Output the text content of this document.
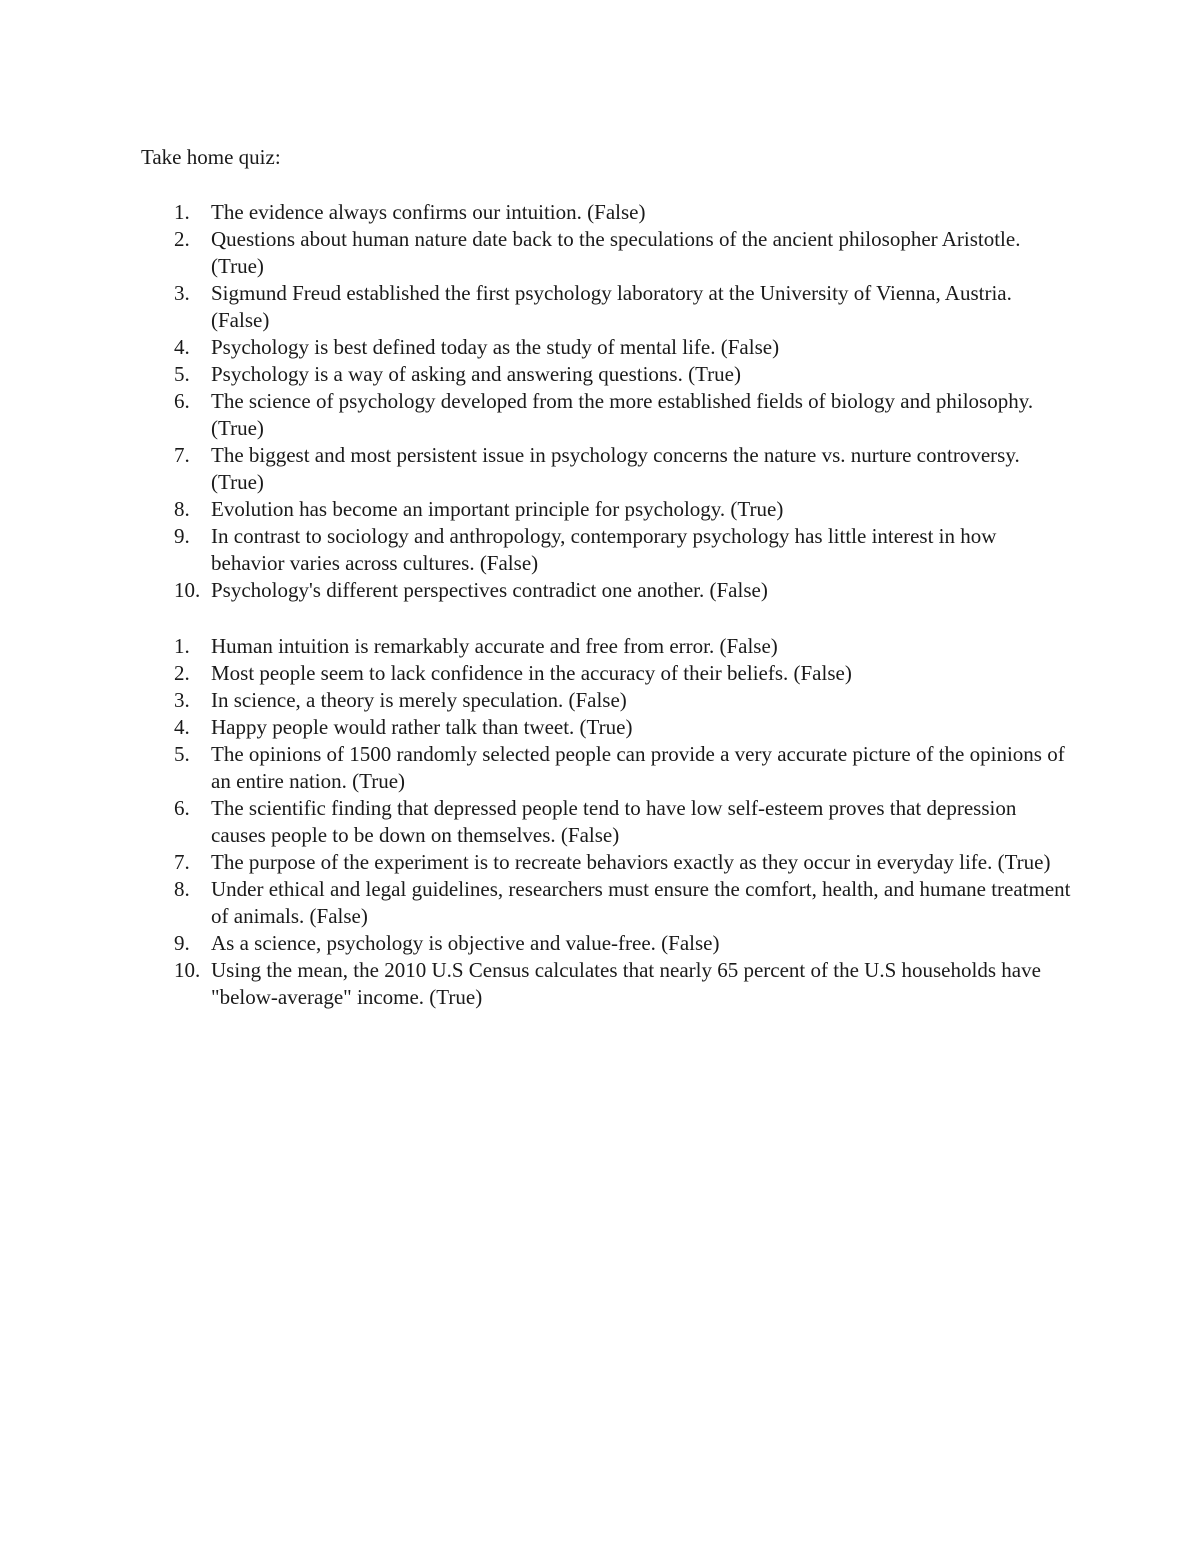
Take home quiz:
1. The evidence always confirms our intuition. (False)
2. Questions about human nature date back to the speculations of the ancient philosopher Aristotle. (True)
3. Sigmund Freud established the first psychology laboratory at the University of Vienna, Austria. (False)
4. Psychology is best defined today as the study of mental life. (False)
5. Psychology is a way of asking and answering questions. (True)
6. The science of psychology developed from the more established fields of biology and philosophy. (True)
7. The biggest and most persistent issue in psychology concerns the nature vs. nurture controversy. (True)
8. Evolution has become an important principle for psychology. (True)
9. In contrast to sociology and anthropology, contemporary psychology has little interest in how behavior varies across cultures. (False)
10. Psychology's different perspectives contradict one another. (False)
1. Human intuition is remarkably accurate and free from error. (False)
2. Most people seem to lack confidence in the accuracy of their beliefs. (False)
3. In science, a theory is merely speculation. (False)
4. Happy people would rather talk than tweet. (True)
5. The opinions of 1500 randomly selected people can provide a very accurate picture of the opinions of an entire nation. (True)
6. The scientific finding that depressed people tend to have low self-esteem proves that depression causes people to be down on themselves. (False)
7. The purpose of the experiment is to recreate behaviors exactly as they occur in everyday life. (True)
8. Under ethical and legal guidelines, researchers must ensure the comfort, health, and humane treatment of animals. (False)
9. As a science, psychology is objective and value-free. (False)
10. Using the mean, the 2010 U.S Census calculates that nearly 65 percent of the U.S households have "below-average" income. (True)
